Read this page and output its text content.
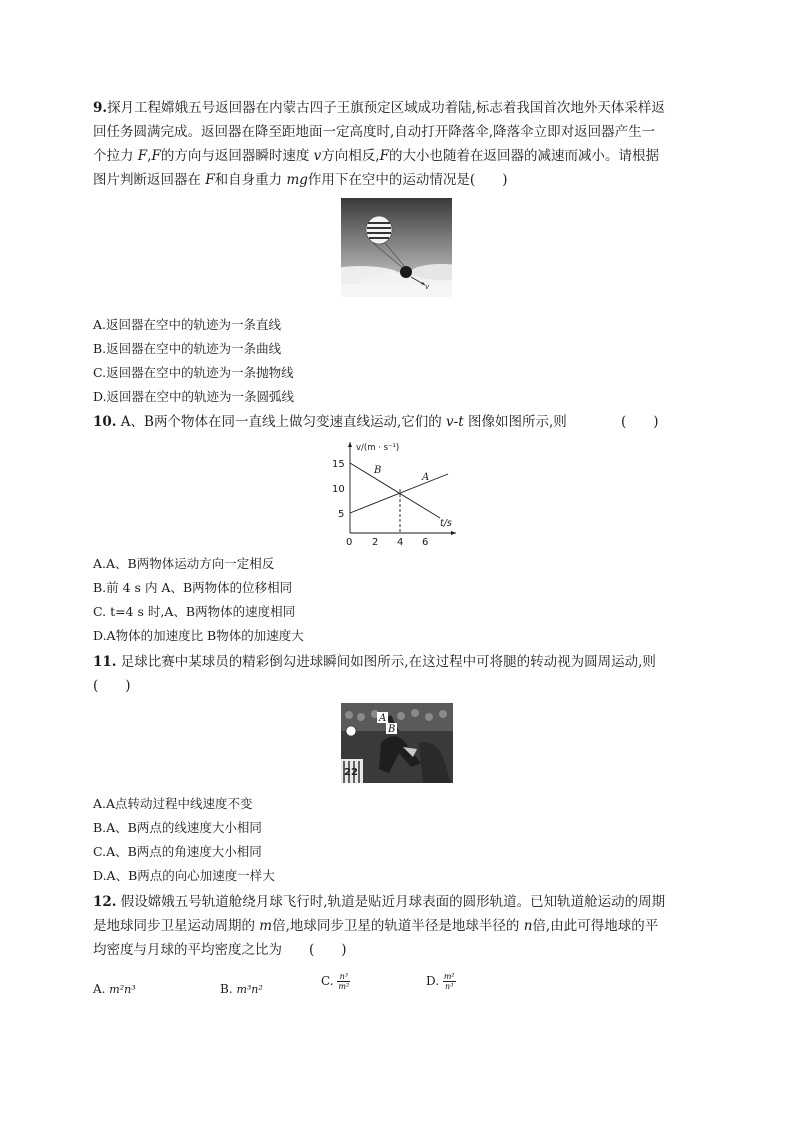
9.探月工程嫦娥五号返回器在内蒙古四子王旗预定区域成功着陆,标志着我国首次地外天体采样返
回任务圆满完成。返回器在降至距地面一定高度时,自动打开降落伞,降落伞立即对返回器产生一
个拉力 F,F的方向与返回器瞬时速度 v方向相反,F的大小也随着在返回器的减速而减小。请根据
图片判断返回器在 F和自身重力 mg作用下在空中的运动情况是(　　)
v
A.返回器在空中的轨迹为一条直线
B.返回器在空中的轨迹为一条曲线
C.返回器在空中的轨迹为一条抛物线
D.返回器在空中的轨迹为一条圆弧线
10. A、B两个物体在同一直线上做匀变速直线运动,它们的 v-t 图像如图所示,则	(　　)
15
10
5
0 2 4 6
v/(m · s⁻¹)
t/s
A
B
A.A、B两物体运动方向一定相反
B.前 4 s 内 A、B两物体的位移相同
C. t=4 s 时,A、B两物体的速度相同
D.A物体的加速度比 B物体的加速度大
11. 足球比赛中某球员的精彩倒勾进球瞬间如图所示,在这过程中可将腿的转动视为圆周运动,则
(　　)
22
A
B
A.A点转动过程中线速度不变
B.A、B两点的线速度大小相同
C.A、B两点的角速度大小相同
D.A、B两点的向心加速度一样大
12. 假设嫦娥五号轨道舱绕月球飞行时,轨道是贴近月球表面的圆形轨道。已知轨道舱运动的周期
是地球同步卫星运动周期的 m倍,地球同步卫星的轨道半径是地球半径的 n倍,由此可得地球的平
均密度与月球的平均密度之比为　　(　　)
A. m²n³	B. m³n²
C. $\frac{\text{n³}}{\text{m²}}$	D. $\frac{\text{m²}}{\text{n³}}$
